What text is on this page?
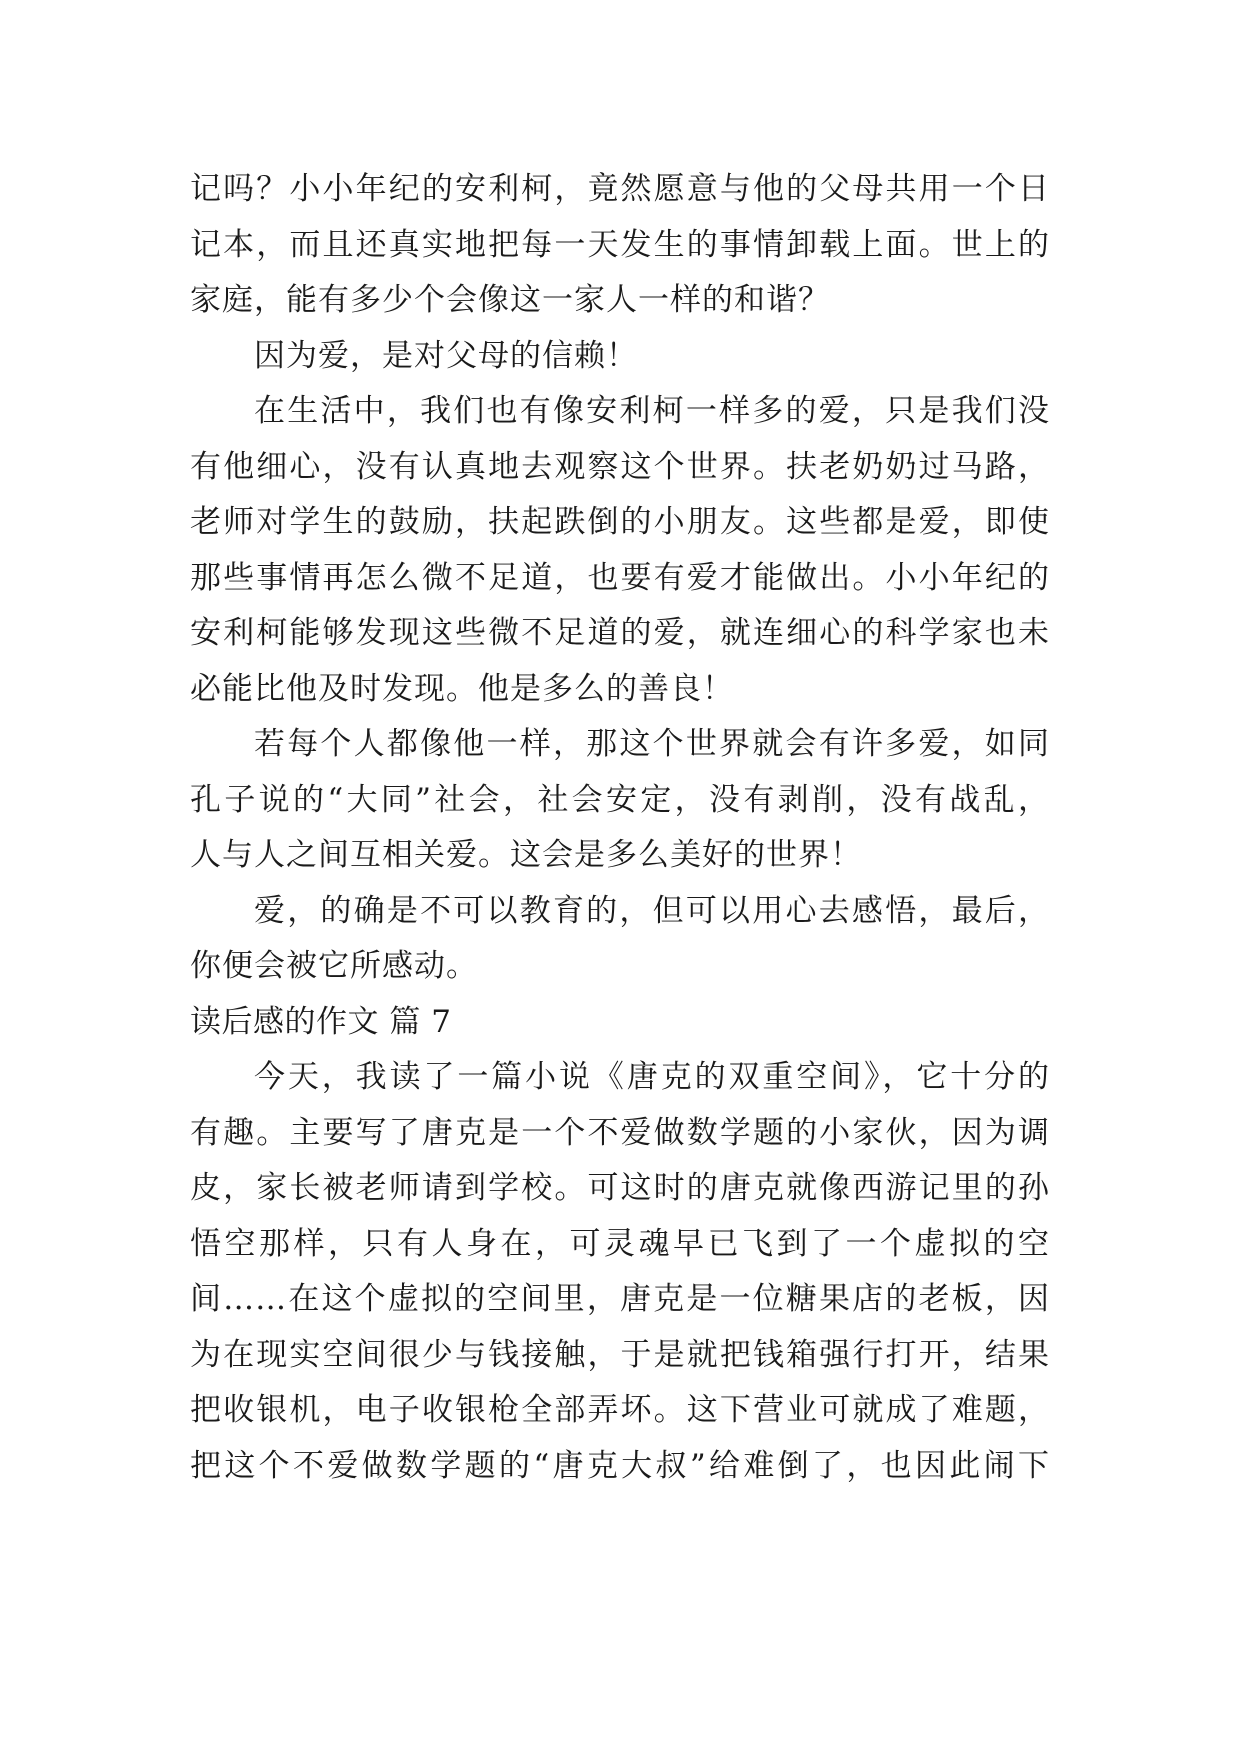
记吗？小小年纪的安利柯，竟然愿意与他的父母共用一个日
记本，而且还真实地把每一天发生的事情卸载上面。世上的
家庭，能有多少个会像这一家人一样的和谐？
因为爱，是对父母的信赖！
在生活中，我们也有像安利柯一样多的爱，只是我们没
有他细心，没有认真地去观察这个世界。扶老奶奶过马路，
老师对学生的鼓励，扶起跌倒的小朋友。这些都是爱，即使
那些事情再怎么微不足道，也要有爱才能做出。小小年纪的
安利柯能够发现这些微不足道的爱，就连细心的科学家也未
必能比他及时发现。他是多么的善良！
若每个人都像他一样，那这个世界就会有许多爱，如同
孔子说的“大同”社会，社会安定，没有剥削，没有战乱，
人与人之间互相关爱。这会是多么美好的世界！
爱，的确是不可以教育的，但可以用心去感悟，最后，
你便会被它所感动。
读后感的作文 篇 7
今天，我读了一篇小说《唐克的双重空间》，它十分的
有趣。主要写了唐克是一个不爱做数学题的小家伙，因为调
皮，家长被老师请到学校。可这时的唐克就像西游记里的孙
悟空那样，只有人身在，可灵魂早已飞到了一个虚拟的空
间……在这个虚拟的空间里，唐克是一位糖果店的老板，因
为在现实空间很少与钱接触，于是就把钱箱强行打开，结果
把收银机，电子收银枪全部弄坏。这下营业可就成了难题，
把这个不爱做数学题的“唐克大叔”给难倒了，也因此闹下
